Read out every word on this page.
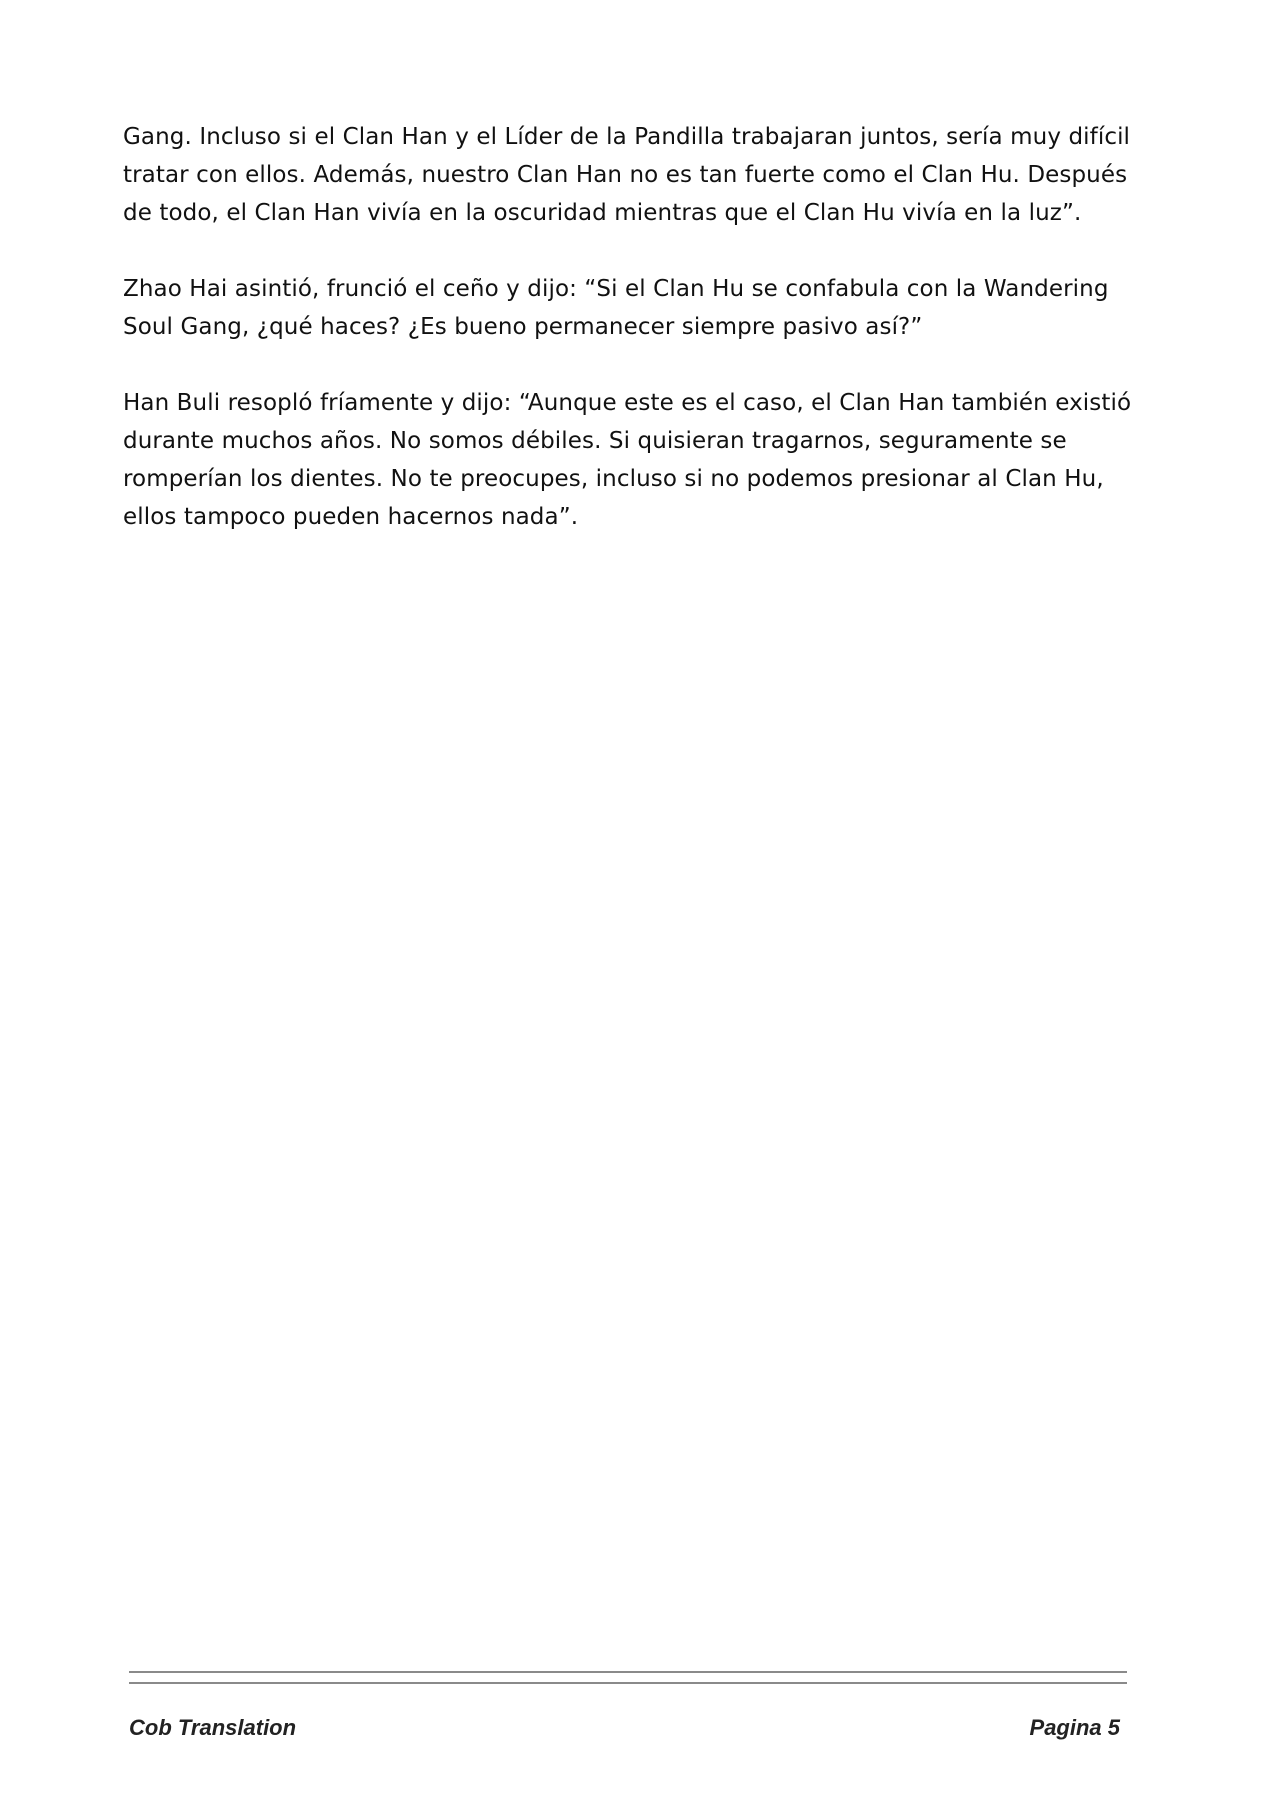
Gang. Incluso si el Clan Han y el Líder de la Pandilla trabajaran juntos, sería muy difícil tratar con ellos. Además, nuestro Clan Han no es tan fuerte como el Clan Hu. Después de todo, el Clan Han vivía en la oscuridad mientras que el Clan Hu vivía en la luz”.

Zhao Hai asintió, frunció el ceño y dijo: “Si el Clan Hu se confabula con la Wandering Soul Gang, ¿qué haces? ¿Es bueno permanecer siempre pasivo así?”

Han Buli resopló fríamente y dijo: “Aunque este es el caso, el Clan Han también existió durante muchos años. No somos débiles. Si quisieran tragarnos, seguramente se romperían los dientes. No te preocupes, incluso si no podemos presionar al Clan Hu, ellos tampoco pueden hacernos nada”.

Cob Translation	Pagina 5
